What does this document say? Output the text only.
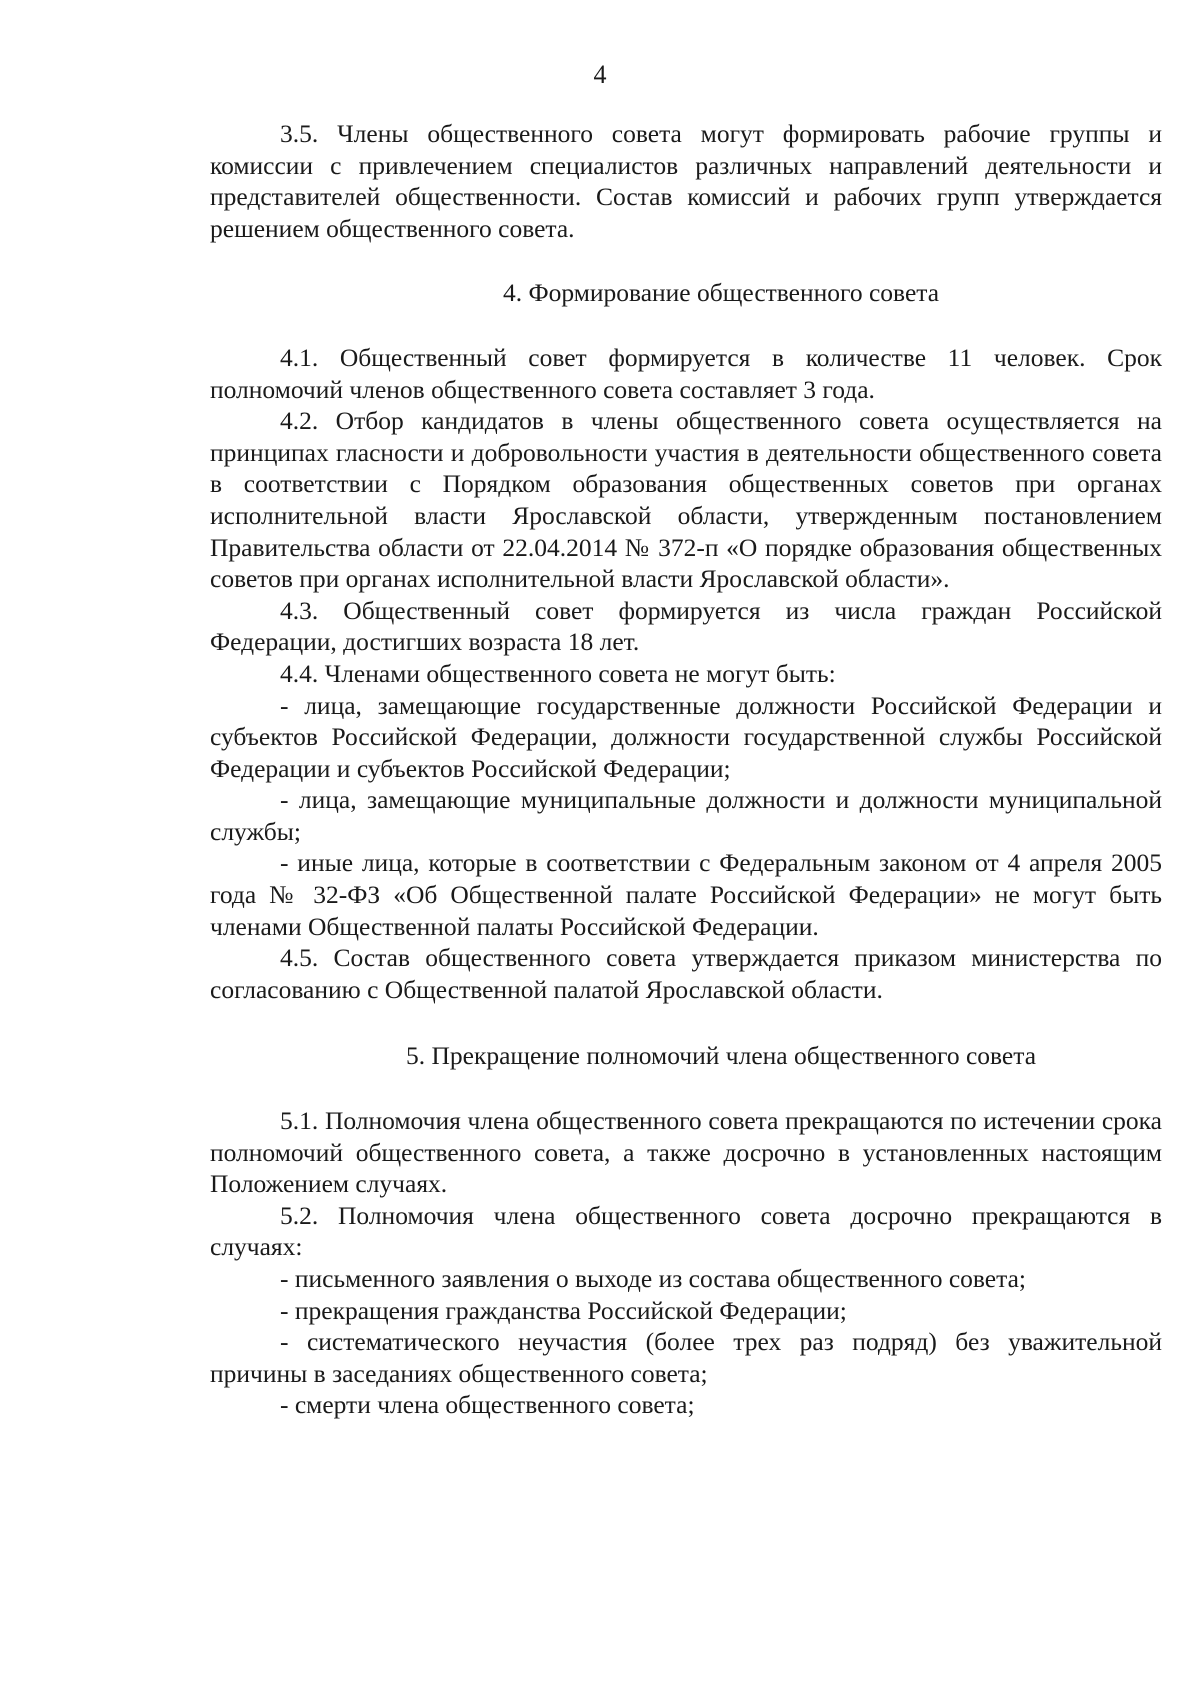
4

3.5. Члены общественного совета могут формировать рабочие группы и комиссии с привлечением специалистов различных направлений деятельности и представителей общественности. Состав комиссий и рабочих групп утверждается решением общественного совета.

4. Формирование общественного совета

4.1. Общественный совет формируется в количестве 11 человек. Срок полномочий членов общественного совета составляет 3 года.

4.2. Отбор кандидатов в члены общественного совета осуществляется на принципах гласности и добровольности участия в деятельности общественного совета в соответствии с Порядком образования общественных советов при органах исполнительной власти Ярославской области, утвержденным постановлением Правительства области от 22.04.2014 № 372-п «О порядке образования общественных советов при органах исполнительной власти Ярославской области».

4.3. Общественный совет формируется из числа граждан Российской Федерации, достигших возраста 18 лет.

4.4. Членами общественного совета не могут быть:

- лица, замещающие государственные должности Российской Федерации и субъектов Российской Федерации, должности государственной службы Российской Федерации и субъектов Российской Федерации;

- лица, замещающие муниципальные должности и должности муниципальной службы;

- иные лица, которые в соответствии с Федеральным законом от 4 апреля 2005 года № 32-ФЗ «Об Общественной палате Российской Федерации» не могут быть членами Общественной палаты Российской Федерации.

4.5. Состав общественного совета утверждается приказом министерства по согласованию с Общественной палатой Ярославской области.

5. Прекращение полномочий члена общественного совета

5.1. Полномочия члена общественного совета прекращаются по истечении срока полномочий общественного совета, а также досрочно в установленных настоящим Положением случаях.

5.2. Полномочия члена общественного совета досрочно прекращаются в случаях:

- письменного заявления о выходе из состава общественного совета;

- прекращения гражданства Российской Федерации;

- систематического неучастия (более трех раз подряд) без уважительной причины в заседаниях общественного совета;

- смерти члена общественного совета;
